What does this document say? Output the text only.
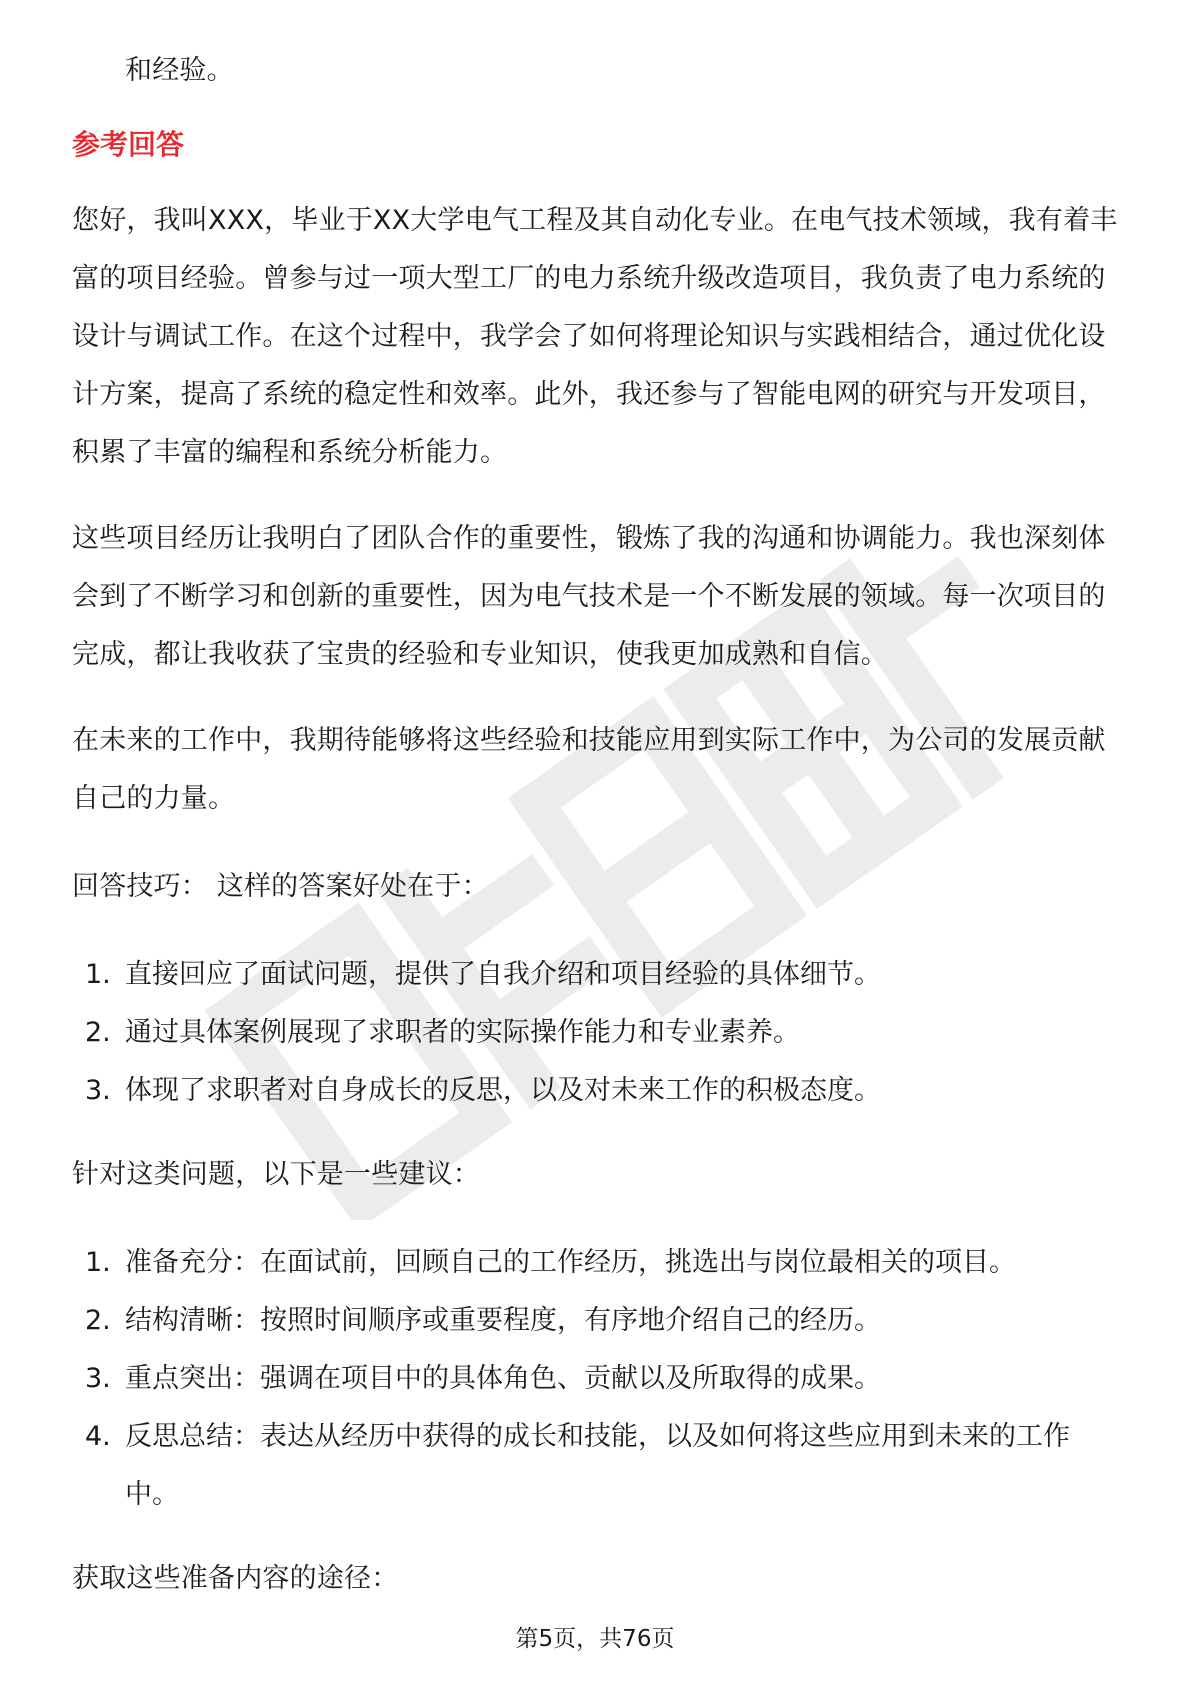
和经验。
参考回答
您好，我叫XXX，毕业于XX大学电气工程及其自动化专业。在电气技术领域，我有着丰富的项目经验。曾参与过一项大型工厂的电力系统升级改造项目，我负责了电力系统的设计与调试工作。在这个过程中，我学会了如何将理论知识与实践相结合，通过优化设计方案，提高了系统的稳定性和效率。此外，我还参与了智能电网的研究与开发项目，积累了丰富的编程和系统分析能力。
这些项目经历让我明白了团队合作的重要性，锻炼了我的沟通和协调能力。我也深刻体会到了不断学习和创新的重要性，因为电气技术是一个不断发展的领域。每一次项目的完成，都让我收获了宝贵的经验和专业知识，使我更加成熟和自信。
在未来的工作中，我期待能够将这些经验和技能应用到实际工作中，为公司的发展贡献自己的力量。
回答技巧： 这样的答案好处在于：
1. 直接回应了面试问题，提供了自我介绍和项目经验的具体细节。
2. 通过具体案例展现了求职者的实际操作能力和专业素养。
3. 体现了求职者对自身成长的反思，以及对未来工作的积极态度。
针对这类问题，以下是一些建议：
1. 准备充分：在面试前，回顾自己的工作经历，挑选出与岗位最相关的项目。
2. 结构清晰：按照时间顺序或重要程度，有序地介绍自己的经历。
3. 重点突出：强调在项目中的具体角色、贡献以及所取得的成果。
4. 反思总结：表达从经历中获得的成长和技能，以及如何将这些应用到未来的工作中。
获取这些准备内容的途径：
第5页，共76页
